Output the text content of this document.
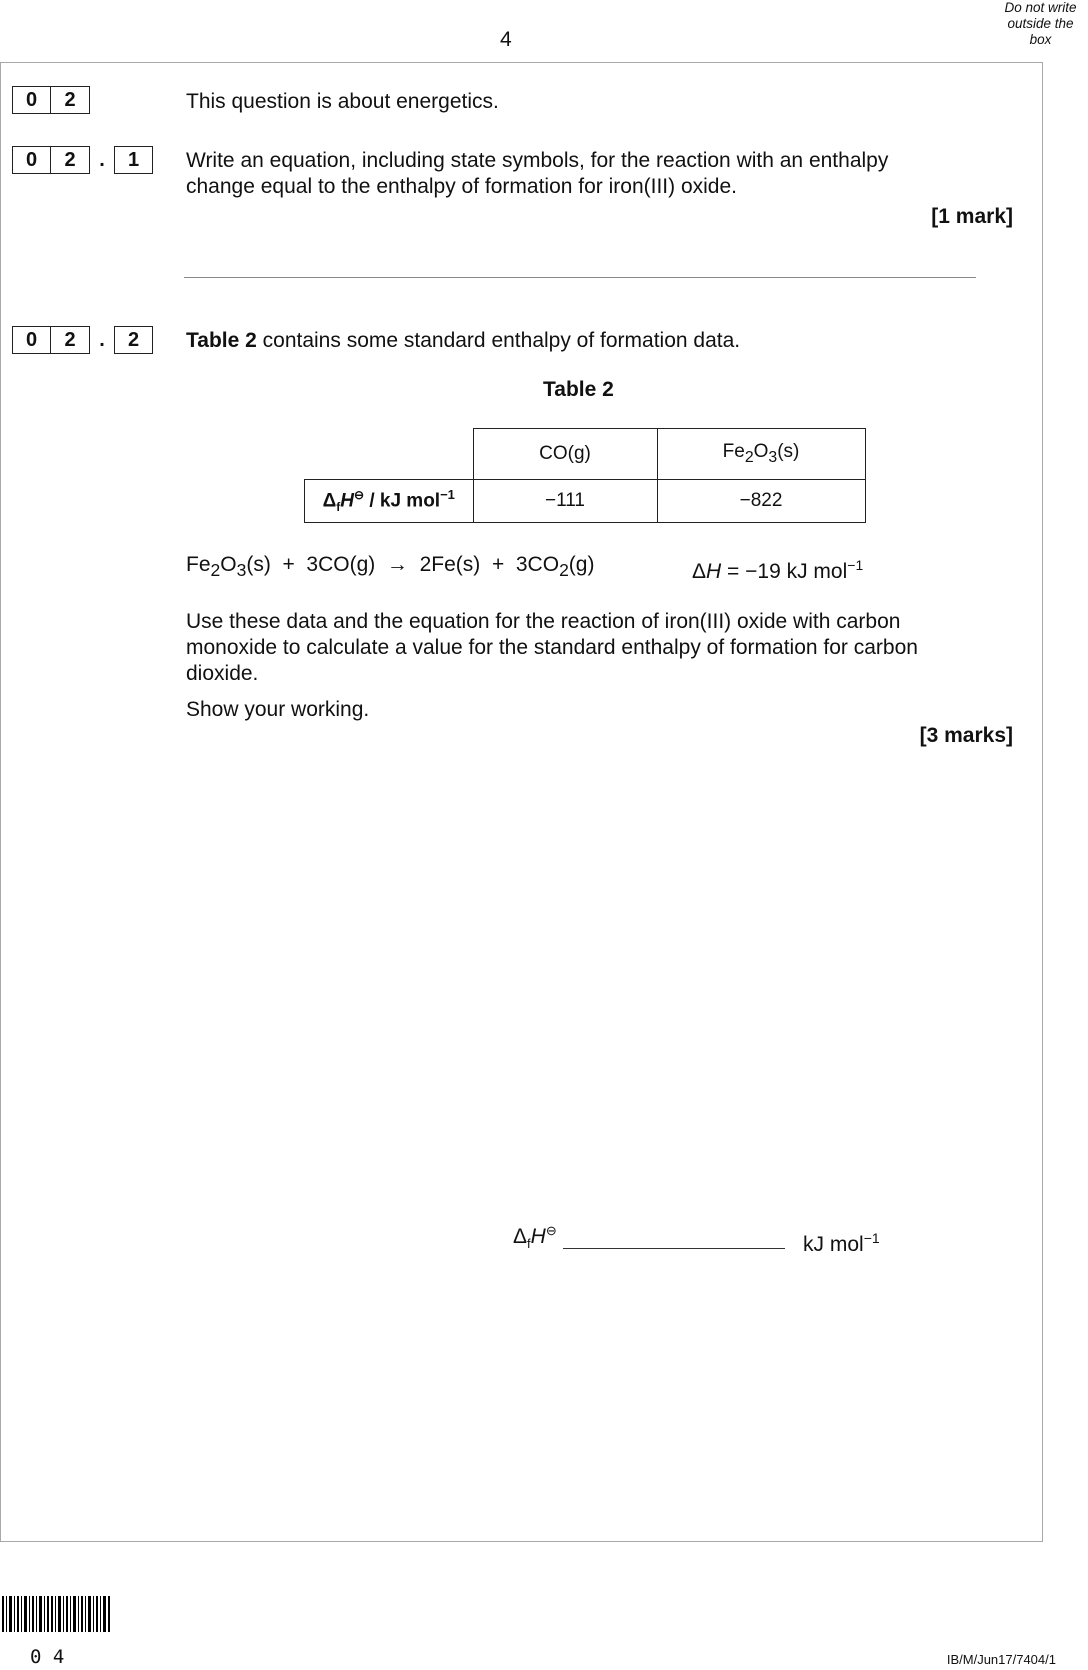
4
Do not write
outside the
box
0	2	This question is about energetics.
0	2	.	1	Write an equation, including state symbols, for the reaction with an enthalpy
change equal to the enthalpy of formation for iron(III) oxide.
[1 mark]
0	2	.	2	Table 2 contains some standard enthalpy of formation data.
Table 2
	CO(g)	$Fe_2O_3(s)$
$\Delta_fH^⊖$ / kJ mol$^{-1}$	−111	−822
$Fe_2O_3(s) + 3CO(g) \to 2Fe(s) + 3CO_2(g)$	ΔH = −19 kJ mol$^{-1}$
Use these data and the equation for the reaction of iron(III) oxide with carbon
monoxide to calculate a value for the standard enthalpy of formation for carbon
dioxide.
Show your working.
[3 marks]
$\Delta_fH^⊖$
kJ mol$^{-1}$
0 4	IB/M/Jun17/7404/1
